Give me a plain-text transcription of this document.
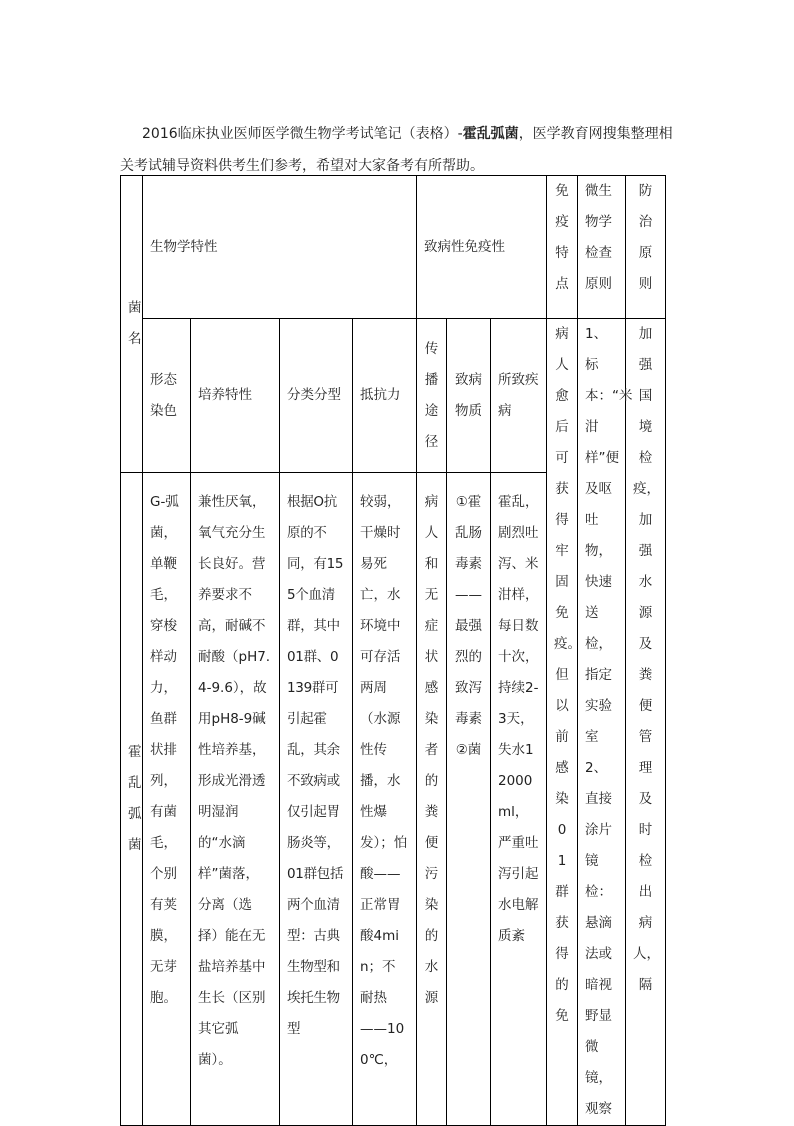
2016临床执业医师医学微生物学考试笔记（表格）-霍乱弧菌，医学教育网搜集整理相关考试辅导资料供考生们参考，希望对大家备考有所帮助。

菌名	生物学特性				致病性免疫性			免疫特点	微生物学检查原则	防治原则
	形态染色	培养特性	分类分型	抵抗力	传播途径	致病物质	所致疾病	病人愈后可获得牢固免疫。但以前感染01群获得的免	1、标本：“米泔样”便及呕吐物，快速送检，指定实验室2、直接涂片镜检：悬滴法或暗视野显微镜，观察	加强国境检疫，加强水源及粪便管理及时检出病人，隔
霍乱弧菌	G-弧菌，单鞭毛，穿梭样动力，鱼群状排列，有菌毛，个别有荚膜，无芽胞。	兼性厌氧，氧气充分生长良好。营养要求不高，耐碱不耐酸（pH7.4-9.6），故用pH8-9碱性培养基，形成光滑透明湿润的“水滴样”菌落，分离（选择）能在无盐培养基中生长（区别其它弧菌）。	根据O抗原的不同，有155个血清群，其中01群、0139群可引起霍乱，其余不致病或仅引起胃肠炎等，01群包括两个血清型：古典生物型和埃托生物型	较弱，干燥时易死亡，水环境中可存活两周（水源性传播，水性爆发）；怕酸——正常胃酸4min；不耐热——100℃，	病人和无症状感染者的粪便污染的水源	①霍乱肠毒素——最强烈的致泻毒素②菌	霍乱，剧烈吐泻、米泔样，每日数十次，持续2-3天，失水12000ml，严重吐泻引起水电解质紊			
